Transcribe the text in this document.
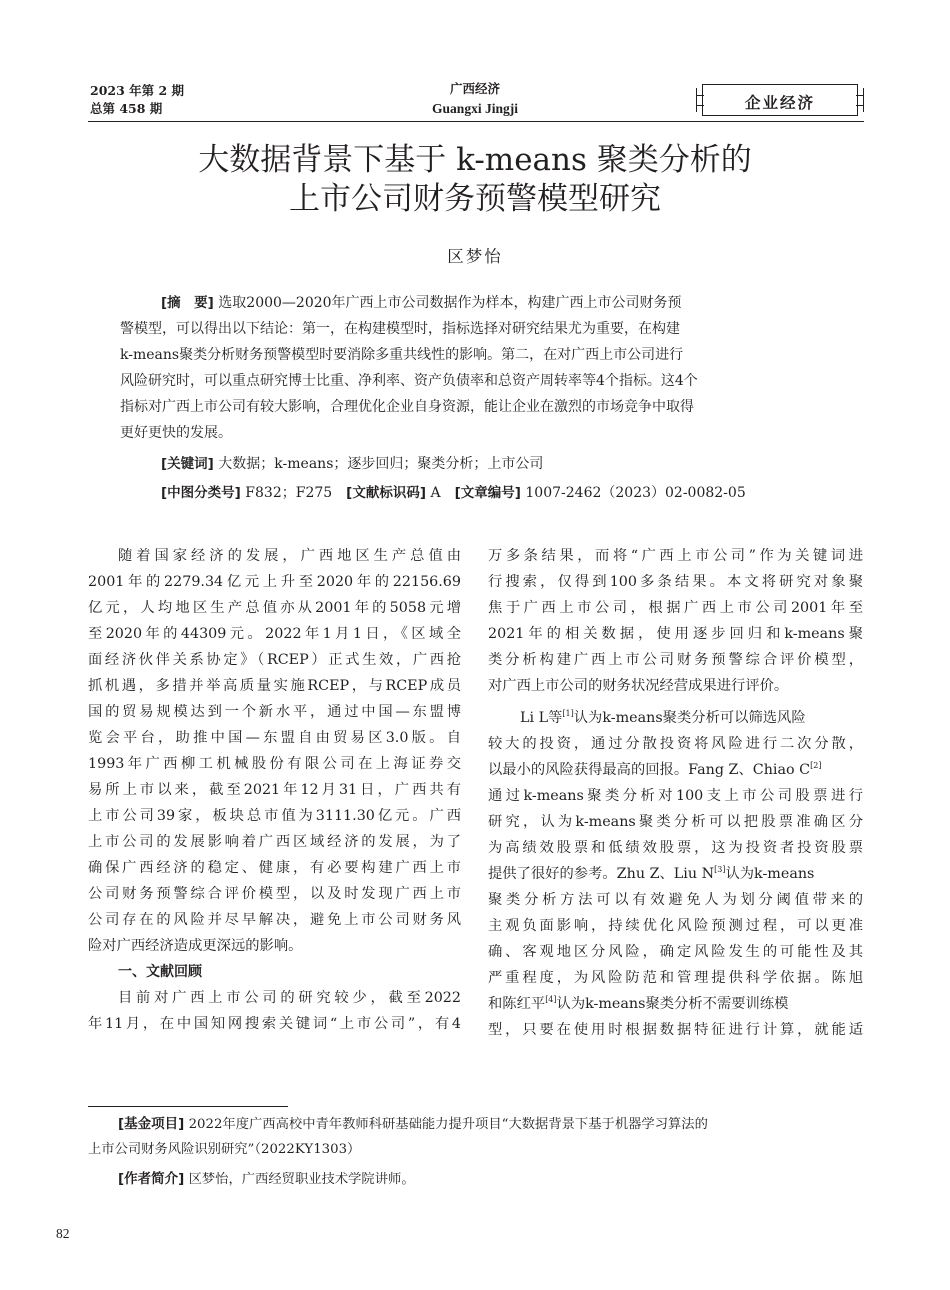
2023 年第 2 期
总第 458 期
广西经济
Guangxi Jingji	企业经济
大数据背景下基于 k-means 聚类分析的
上市公司财务预警模型研究
区梦怡
[摘　要] 选取2000—2020年广西上市公司数据作为样本，构建广西上市公司财务预
警模型，可以得出以下结论：第一，在构建模型时，指标选择对研究结果尤为重要，在构建
k-means聚类分析财务预警模型时要消除多重共线性的影响。第二，在对广西上市公司进行
风险研究时，可以重点研究博士比重、净利率、资产负债率和总资产周转率等4个指标。这4个
指标对广西上市公司有较大影响，合理优化企业自身资源，能让企业在激烈的市场竞争中取得
更好更快的发展。
[关键词] 大数据；k-means；逐步回归；聚类分析；上市公司
[中图分类号] F832；F275　 [文献标识码] A　 [文章编号] 1007-2462（2023）02-0082-05
随着国家经济的发展，广西地区生产总值由
2001年的2279.34亿元上升至2020年的22156.69
亿元，人均地区生产总值亦从2001年的5058元增
至2020年的44309元。2022年1月1日，《区域全
面经济伙伴关系协定》（RCEP）正式生效，广西抢
抓机遇，多措并举高质量实施RCEP，与RCEP成员
国的贸易规模达到一个新水平，通过中国—东盟博
览会平台，助推中国—东盟自由贸易区3.0版。自
1993年广西柳工机械股份有限公司在上海证券交
易所上市以来，截至2021年12月31日，广西共有
上市公司39家，板块总市值为3111.30亿元。广西
上市公司的发展影响着广西区域经济的发展，为了
确保广西经济的稳定、健康，有必要构建广西上市
公司财务预警综合评价模型，以及时发现广西上市
公司存在的风险并尽早解决，避免上市公司财务风
险对广西经济造成更深远的影响。
一、文献回顾
目前对广西上市公司的研究较少，截至2022
年11月，在中国知网搜索关键词“上市公司”，有4
万多条结果，而将“广西上市公司”作为关键词进
行搜索，仅得到100多条结果。本文将研究对象聚
焦于广西上市公司，根据广西上市公司2001年至
2021年的相关数据，使用逐步回归和k-means聚
类分析构建广西上市公司财务预警综合评价模型，
对广西上市公司的财务状况经营成果进行评价。
Li L等[1]认为k-means聚类分析可以筛选风险
较大的投资，通过分散投资将风险进行二次分散，
以最小的风险获得最高的回报。Fang Z、Chiao C[2]
通过k-means聚类分析对100支上市公司股票进行
研究，认为k-means聚类分析可以把股票准确区分
为高绩效股票和低绩效股票，这为投资者投资股票
提供了很好的参考。Zhu Z、Liu N[3]认为k-means
聚类分析方法可以有效避免人为划分阈值带来的
主观负面影响，持续优化风险预测过程，可以更准
确、客观地区分风险，确定风险发生的可能性及其
严重程度，为风险防范和管理提供科学依据。陈旭
和陈红平[4]认为k-means聚类分析不需要训练模
型，只要在使用时根据数据特征进行计算，就能适
[基金项目] 2022年度广西高校中青年教师科研基础能力提升项目“大数据背景下基于机器学习算法的
上市公司财务风险识别研究”（2022KY1303）
[作者简介] 区梦怡，广西经贸职业技术学院讲师。
82
